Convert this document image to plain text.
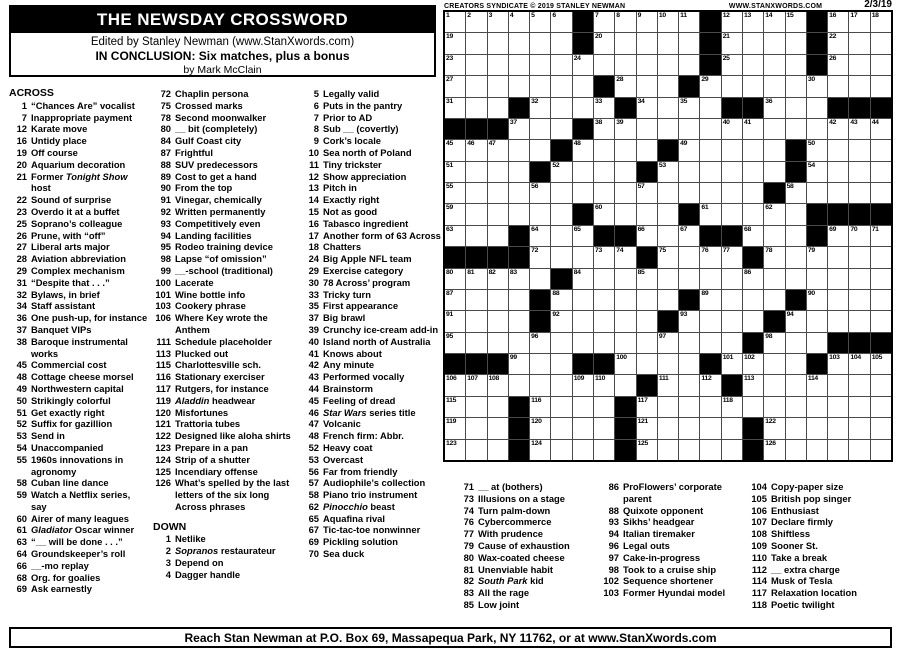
THE NEWSDAY CROSSWORD
Edited by Stanley Newman (www.StanXwords.com)
IN CONCLUSION: Six matches, plus a bonus
by Mark McClain
CREATORS SYNDICATE © 2019 STANLEY NEWMAN	WWW.STANXWORDS.COM	2/3/19
1	2	3	4	5	6	7	8	9	10 11	12 13 14 15	16 17 18
19	20	21	22
23	24	25	26
27	28	29	30
31	32	33	34	35	36
37	38 39	40 41	42 43 44
45 46 47	48	49	50
51	52	53	54
55	56	57	58
59	60	61	62
63	64	65	66	67	68	69 70 71
72	73 74	75	76 77	78	79
80 81 82 83	84	85	86
87	88	89	90
91	92	93	94
95	96	97	98
99	100	101 102	103 104 105
106 107 108	109 110	111	112	113	114
115	116	117	118
119	120	121	122
123	124	125	126
ACROSS
1 “Chances Are” vocalist
7 Inappropriate payment
12 Karate move
16 Untidy place
19 Off course
20 Aquarium decoration
21 Former Tonight Show host
22 Sound of surprise
23 Overdo it at a buffet
25 Soprano’s colleague
26 Prune, with “off”
27 Liberal arts major
28 Aviation abbreviation
29 Complex mechanism
31 “Despite that . . .”
32 Bylaws, in brief
34 Staff assistant
36 One push-up, for instance
37 Banquet VIPs
38 Baroque instrumental works
45 Commercial cost
48 Cottage cheese morsel
49 Northwestern capital
50 Strikingly colorful
51 Get exactly right
52 Suffix for gazillion
53 Send in
54 Unaccompanied
55 1960s innovations in agronomy
58 Cuban line dance
59 Watch a Netflix series, say
60 Airer of many leagues
61 Gladiator Oscar winner
63 “__ will be done . . .”
64 Groundskeeper’s roll
66 __-mo replay
68 Org. for goalies
69 Ask earnestly
72 Chaplin persona
75 Crossed marks
78 Second moonwalker
80 __ bit (completely)
84 Gulf Coast city
87 Frightful
88 SUV predecessors
89 Cost to get a hand
90 From the top
91 Vinegar, chemically
92 Written permanently
93 Competitively even
94 Landing facilities
95 Rodeo training device
98 Lapse “of omission”
99 __-school (traditional)
100 Lacerate
101 Wine bottle info
103 Cookery phrase
106 Where Key wrote the Anthem
111 Schedule placeholder
113 Plucked out
115 Charlottesville sch.
116 Stationary exerciser
117 Rutgers, for instance
119 Aladdin headwear
120 Misfortunes
121 Trattoria tubes
122 Designed like aloha shirts
123 Prepare in a pan
124 Strip of a shutter
125 Incendiary offense
126 What’s spelled by the last letters of the six long Across phrases
DOWN
1 Netlike
2 Sopranos restaurateur
3 Depend on
4 Dagger handle
5 Legally valid
6 Puts in the pantry
7 Prior to AD
8 Sub __ (covertly)
9 Cork’s locale
10 Sea north of Poland
11 Tiny trickster
12 Show appreciation
13 Pitch in
14 Exactly right
15 Not as good
16 Tabasco ingredient
17 Another form of 63 Across
18 Chatters
24 Big Apple NFL team
29 Exercise category
30 78 Across’ program
33 Tricky turn
35 First appearance
37 Big brawl
39 Crunchy ice-cream add-in
40 Island north of Australia
41 Knows about
42 Any minute
43 Performed vocally
44 Brainstorm
45 Feeling of dread
46 Star Wars series title
47 Volcanic
48 French firm: Abbr.
52 Heavy coat
53 Overcast
56 Far from friendly
57 Audiophile’s collection
58 Piano trio instrument
62 Pinocchio beast
65 Aquafina rival
67 Tic-tac-toe nonwinner
69 Pickling solution
70 Sea duck
71 __ at (bothers)
73 Illusions on a stage
74 Turn palm-down
76 Cybercommerce
77 With prudence
79 Cause of exhaustion
80 Wax-coated cheese
81 Unenviable habit
82 South Park kid
83 All the rage
85 Low joint
86 ProFlowers’ corporate parent
88 Quixote opponent
93 Sikhs’ headgear
94 Italian tiremaker
96 Legal outs
97 Cake-in-progress
98 Took to a cruise ship
102 Sequence shortener
103 Former Hyundai model
104 Copy-paper size
105 British pop singer
106 Enthusiast
107 Declare firmly
108 Shiftless
109 Sooner St.
110 Take a break
112 __ extra charge
114 Musk of Tesla
117 Relaxation location
118 Poetic twilight
Reach Stan Newman at P.O. Box 69, Massapequa Park, NY 11762, or at www.StanXwords.com
